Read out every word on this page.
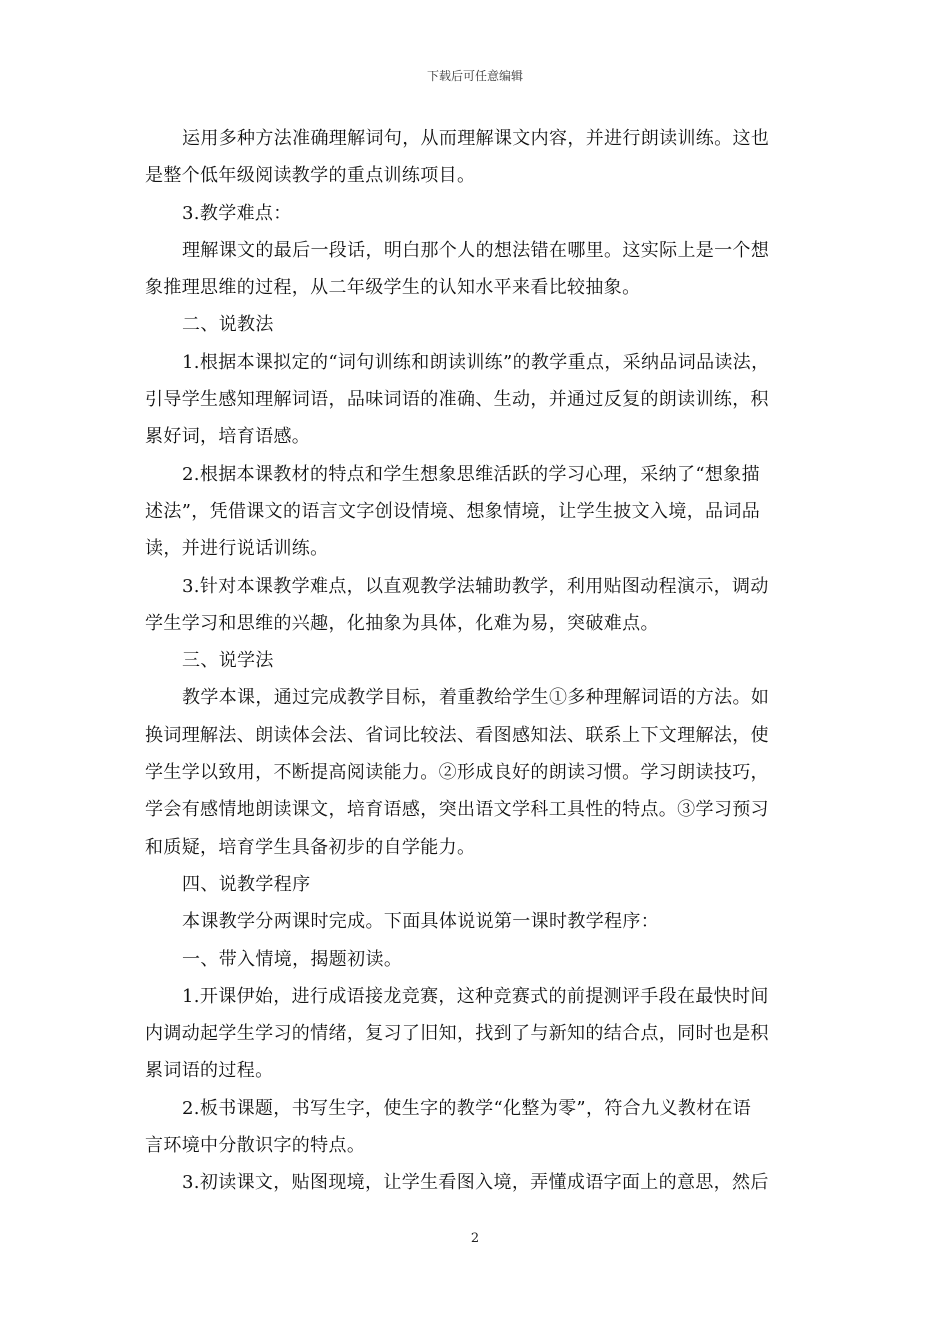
下载后可任意编辑
运用多种方法准确理解词句，从而理解课文内容，并进行朗读训练。这也
是整个低年级阅读教学的重点训练项目。
3.教学难点：
理解课文的最后一段话，明白那个人的想法错在哪里。这实际上是一个想
象推理思维的过程，从二年级学生的认知水平来看比较抽象。
二、说教法
1.根据本课拟定的“词句训练和朗读训练”的教学重点，采纳品词品读法，
引导学生感知理解词语，品味词语的准确、生动，并通过反复的朗读训练，积
累好词，培育语感。
2.根据本课教材的特点和学生想象思维活跃的学习心理，采纳了“想象描
述法”，凭借课文的语言文字创设情境、想象情境，让学生披文入境，品词品
读，并进行说话训练。
3.针对本课教学难点，以直观教学法辅助教学，利用贴图动程演示，调动
学生学习和思维的兴趣，化抽象为具体，化难为易，突破难点。
三、说学法
教学本课，通过完成教学目标，着重教给学生①多种理解词语的方法。如
换词理解法、朗读体会法、省词比较法、看图感知法、联系上下文理解法，使
学生学以致用，不断提高阅读能力。②形成良好的朗读习惯。学习朗读技巧，
学会有感情地朗读课文，培育语感，突出语文学科工具性的特点。③学习预习
和质疑，培育学生具备初步的自学能力。
四、说教学程序
本课教学分两课时完成。下面具体说说第一课时教学程序：
一、带入情境，揭题初读。
1.开课伊始，进行成语接龙竞赛，这种竞赛式的前提测评手段在最快时间
内调动起学生学习的情绪，复习了旧知，找到了与新知的结合点，同时也是积
累词语的过程。
2.板书课题，书写生字，使生字的教学“化整为零”，符合九义教材在语
言环境中分散识字的特点。
3.初读课文，贴图现境，让学生看图入境，弄懂成语字面上的意思，然后
2
